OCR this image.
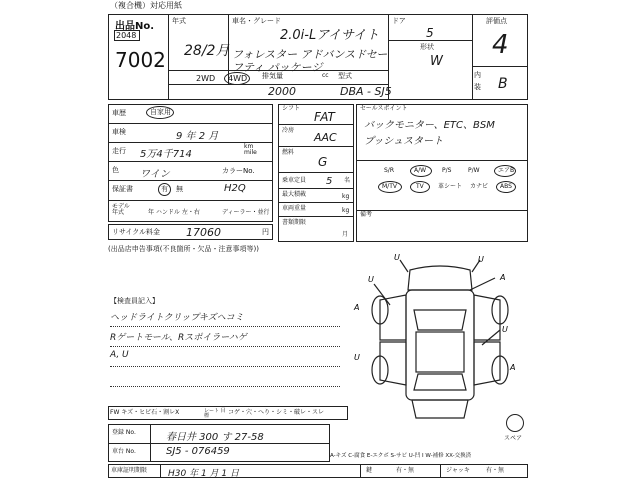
（複合機）対応用紙
出品No.
2048
7002
年式
28/2月
車名・グレード
2.0i-Lアイサイト
フォレスター アドバンスドセーフティ パッケージ
ドア
5
形状
W
2WD 4WD 排気量	cc
2000
型式
DBA - SJ5
評価点
4
内
装 B
車歴	自家用
車検	9 年 2 月
走行 5万4千714
km
mile
色 ワイン	カラーNo.
保証書	有 無	H2Q
モデル
年式	年 ハンドル 左・右	ディーラー・並行
リサイクル料金 17060	円
シフト
FAT
冷房
AAC
燃料
G
乗車定員 5 名
最大積載	kg
車両重量	kg
書類期限
月
セールスポイント
バックモニター、ETC、BSM
プッシュスタート
S/R	A/W	P/S	P/W	エアB
M/TV	TV 革シート カナビ ABS
備考
(出品店申告事項(不良箇所・欠品・注意事項等))
【検査員記入】
ヘッドライトクリップキズヘコミ
Rゲートモール、Rスポイラーハゲ
A, U
U	U
U	A
A
U
U
A
スペア
FW キズ・ヒビ石・割レX	レート 目標	コゲ・穴・へり・シミ・破レ・スレ
登録 No.	春日井 300 す 27-58
車台 No.	SJ5 - 076459	A-キズ C-腐食 E-エクボ S-サビ U-凹 I W-補修 XX-交換済
車庫証明期限 H30 年 1 月 1 日	鍵	有・無	ジャッキ	有・無
